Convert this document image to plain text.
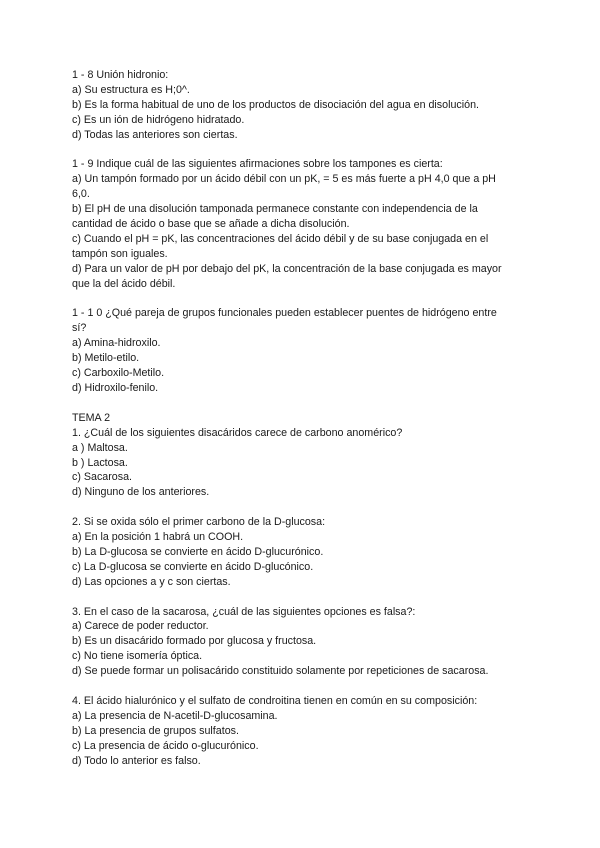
1 - 8 Unión hidronio:
a) Su estructura es H;0^.
b) Es la forma habitual de uno de los productos de disociación del agua en disolución.
c) Es un ión de hidrógeno hidratado.
d) Todas las anteriores son ciertas.
1 - 9 Indique cuál de las siguientes afirmaciones sobre los tampones es cierta:
a) Un tampón formado por un ácido débil con un pK, = 5 es más fuerte a pH 4,0 que a pH
6,0.
b) El pH de una disolución tamponada permanece constante con independencia de la
cantidad de ácido o base que se añade a dicha disolución.
c) Cuando el pH = pK, las concentraciones del ácido débil y de su base conjugada en el
tampón son iguales.
d) Para un valor de pH por debajo del pK, la concentración de la base conjugada es mayor
que la del ácido débil.
1 - 1 0 ¿Qué pareja de grupos funcionales pueden establecer puentes de hidrógeno entre
sí?
a) Amina-hidroxilo.
b) Metilo-etilo.
c) Carboxilo-Metilo.
d) Hidroxilo-fenilo.
TEMA 2
1. ¿Cuál de los siguientes disacáridos carece de carbono anomérico?
a ) Maltosa.
b ) Lactosa.
c) Sacarosa.
d) Ninguno de los anteriores.
2. Si se oxida sólo el primer carbono de la D-glucosa:
a) En la posición 1 habrá un COOH.
b) La D-glucosa se convierte en ácido D-glucurónico.
c) La D-glucosa se convierte en ácido D-glucónico.
d) Las opciones a y c son ciertas.
3. En el caso de la sacarosa, ¿cuál de las siguientes opciones es falsa?:
a) Carece de poder reductor.
b) Es un disacárido formado por glucosa y fructosa.
c) No tiene isomería óptica.
d) Se puede formar un polisacárido constituido solamente por repeticiones de sacarosa.
4. El ácido hialurónico y el sulfato de condroitina tienen en común en su composición:
a) La presencia de N-acetil-D-glucosamina.
b) La presencia de grupos sulfatos.
c) La presencia de ácido o-glucurónico.
d) Todo lo anterior es falso.
